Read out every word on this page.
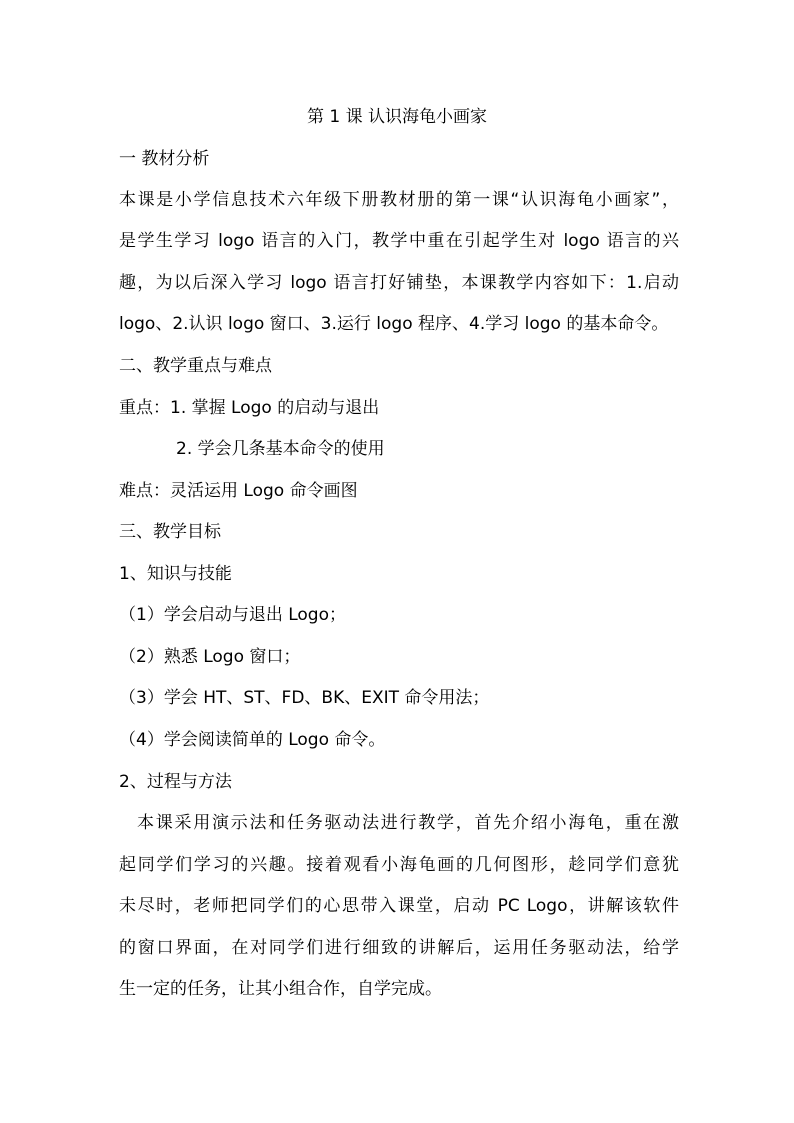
第 1 课 认识海龟小画家
一 教材分析
本课是小学信息技术六年级下册教材册的第一课“认识海龟小画家”，
是学生学习 logo 语言的入门，教学中重在引起学生对 logo 语言的兴
趣，为以后深入学习 logo 语言打好铺垫，本课教学内容如下：1.启动
logo、2.认识 logo 窗口、3.运行 logo 程序、4.学习 logo 的基本命令。
二、教学重点与难点
重点：1. 掌握 Logo 的启动与退出
2. 学会几条基本命令的使用
难点：灵活运用 Logo 命令画图
三、教学目标
1、知识与技能
（1）学会启动与退出 Logo；
（2）熟悉 Logo 窗口；
（3）学会 HT、ST、FD、BK、EXIT 命令用法；
（4）学会阅读简单的 Logo 命令。
2、过程与方法
本课采用演示法和任务驱动法进行教学，首先介绍小海龟，重在激
起同学们学习的兴趣。接着观看小海龟画的几何图形，趁同学们意犹
未尽时，老师把同学们的心思带入课堂，启动 PC Logo，讲解该软件
的窗口界面，在对同学们进行细致的讲解后，运用任务驱动法，给学
生一定的任务，让其小组合作，自学完成。
